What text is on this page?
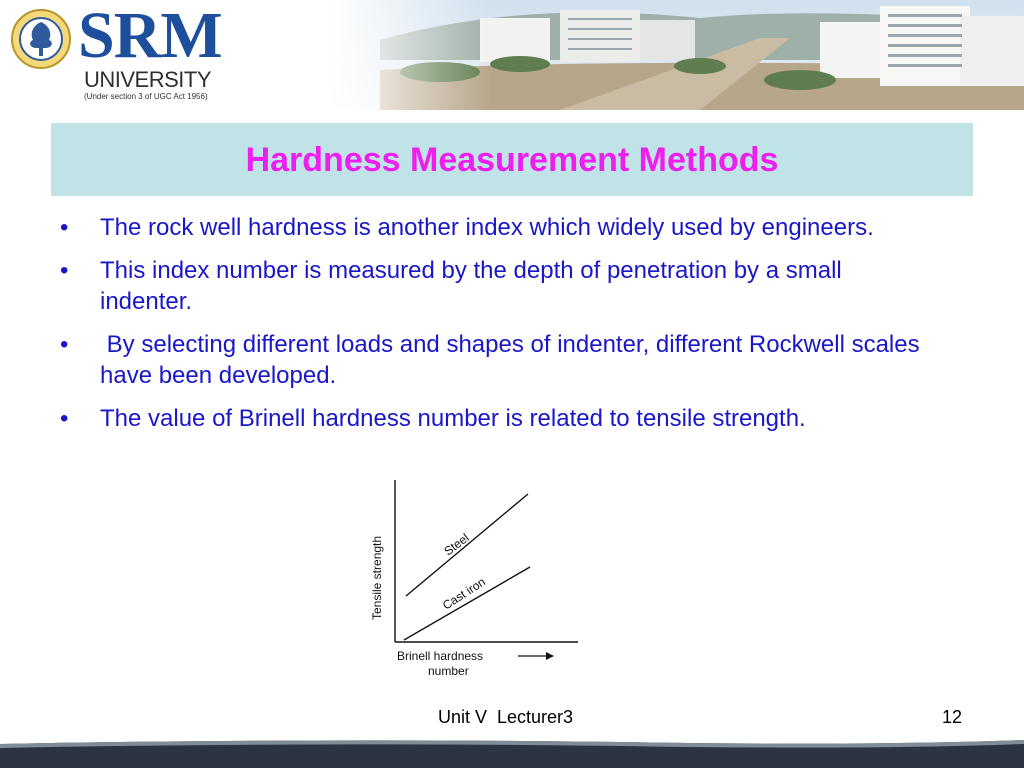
SRM
UNIVERSITY
(Under section 3 of UGC Act 1956)
Hardness Measurement Methods
• The rock well hardness is another index which widely used by engineers.
• This index number is measured by the depth of penetration by a small indenter.
• By selecting different loads and shapes of indenter, different Rockwell scales have been developed.
• The value of Brinell hardness number is related to tensile strength.
Steel
Cast iron
Tensile strength
Brinell hardness
number
Unit V  Lecturer3	12
